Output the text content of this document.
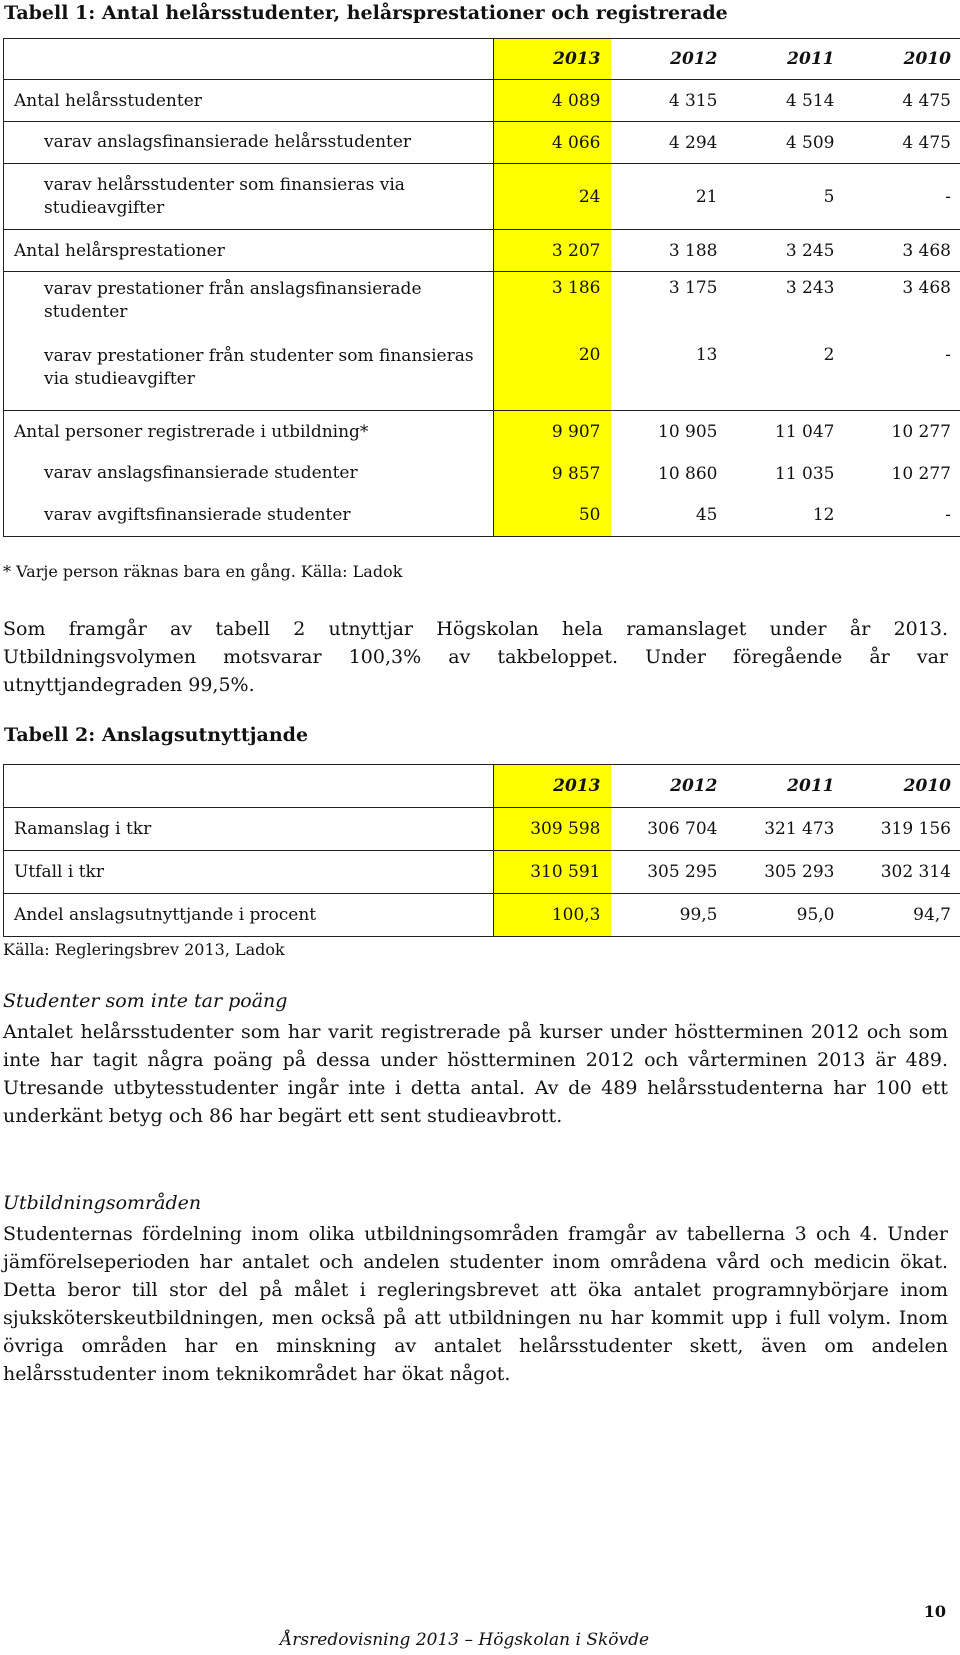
Tabell 1: Antal helårsstudenter, helårsprestationer och registrerade
	2013	2012	2011	2010
Antal helårsstudenter	4 089	4 315	4 514	4 475
varav anslagsfinansierade helårsstudenter	4 066	4 294	4 509	4 475
varav helårsstudenter som finansieras via studieavgifter	24	21	5	-
Antal helårsprestationer	3 207	3 188	3 245	3 468
varav prestationer från anslagsfinansierade studenter	3 186	3 175	3 243	3 468
varav prestationer från studenter som finansieras via studieavgifter	20	13	2	-
Antal personer registrerade i utbildning*	9 907	10 905	11 047	10 277
varav anslagsfinansierade studenter	9 857	10 860	11 035	10 277
varav avgiftsfinansierade studenter	50	45	12	-
* Varje person räknas bara en gång. Källa: Ladok
Som framgår av tabell 2 utnyttjar Högskolan hela ramanslaget under år 2013. Utbildningsvolymen motsvarar 100,3% av takbeloppet. Under föregående år var utnyttjandegraden 99,5%.
Tabell 2: Anslagsutnyttjande
	2013	2012	2011	2010
Ramanslag i tkr	309 598	306 704	321 473	319 156
Utfall i tkr	310 591	305 295	305 293	302 314
Andel anslagsutnyttjande i procent	100,3	99,5	95,0	94,7
Källa: Regleringsbrev 2013, Ladok
Studenter som inte tar poäng
Antalet helårsstudenter som har varit registrerade på kurser under höstterminen 2012 och som inte har tagit några poäng på dessa under höstterminen 2012 och vårterminen 2013 är 489. Utresande utbytesstudenter ingår inte i detta antal. Av de 489 helårsstudenterna har 100 ett underkänt betyg och 86 har begärt ett sent studieavbrott.
Utbildningsområden
Studenternas fördelning inom olika utbildningsområden framgår av tabellerna 3 och 4. Under jämförelseperioden har antalet och andelen studenter inom områdena vård och medicin ökat. Detta beror till stor del på målet i regleringsbrevet att öka antalet programnybörjare inom sjuksköterskeutbildningen, men också på att utbildningen nu har kommit upp i full volym. Inom övriga områden har en minskning av antalet helårsstudenter skett, även om andelen helårsstudenter inom teknikområdet har ökat något.
10
Årsredovisning 2013 – Högskolan i Skövde
